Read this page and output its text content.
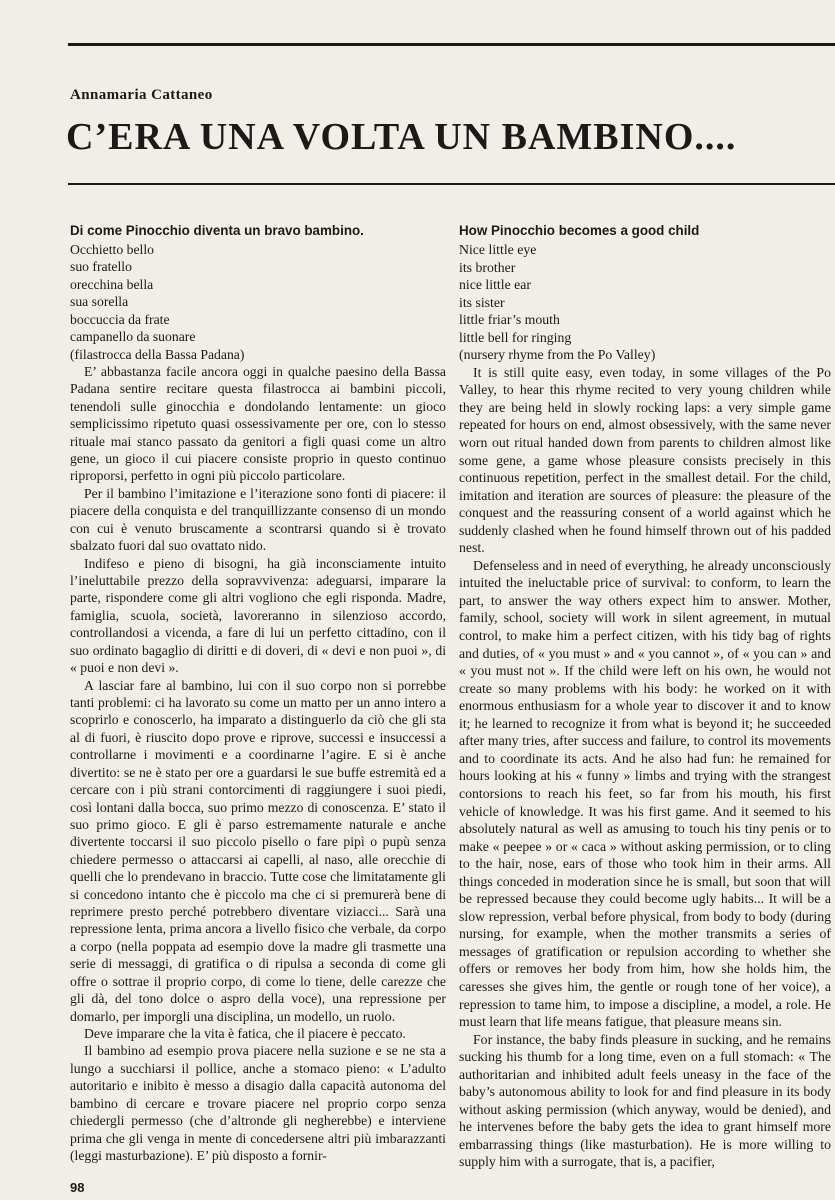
Annamaria Cattaneo
C’ERA UNA VOLTA UN BAMBINO....
Di come Pinocchio diventa un bravo bambino.
Occhietto bello
suo fratello
orecchina bella
sua sorella
boccuccia da frate
campanello da suonare
(filastrocca della Bassa Padana)

E’ abbastanza facile ancora oggi in qualche paesino della Bassa Padana sentire recitare questa filastrocca ai bambini piccoli, tenendoli sulle ginocchia e dondolando lentamente: un gioco semplicissimo ripetuto quasi ossessivamente per ore, con lo stesso rituale mai stanco passato da genitori a figli quasi come un altro gene, un gioco il cui piacere consiste proprio in questo continuo riproporsi, perfetto in ogni più piccolo particolare.

Per il bambino l’imitazione e l’iterazione sono fonti di piacere: il piacere della conquista e del tranquillizzante consenso di un mondo con cui è venuto bruscamente a scontrarsi quando si è trovato sbalzato fuori dal suo ovattato nido.

Indifeso e pieno di bisogni, ha già inconsciamente intuito l’ineluttabile prezzo della sopravvivenza: adeguarsi, imparare la parte, rispondere come gli altri vogliono che egli risponda. Madre, famiglia, scuola, società, lavoreranno in silenzioso accordo, controllandosi a vicenda, a fare di lui un perfetto cittadino, con il suo ordinato bagaglio di diritti e di doveri, di « devi e non puoi », di « puoi e non devi ».

A lasciar fare al bambino, lui con il suo corpo non si porrebbe tanti problemi: ci ha lavorato su come un matto per un anno intero a scoprirlo e conoscerlo, ha imparato a distinguerlo da ciò che gli sta al di fuori, è riuscito dopo prove e riprove, successi e insuccessi a controllarne i movimenti e a coordinarne l’agire. E si è anche divertito: se ne è stato per ore a guardarsi le sue buffe estremità ed a cercare con i più strani contorcimenti di raggiungere i suoi piedi, così lontani dalla bocca, suo primo mezzo di conoscenza. E’ stato il suo primo gioco. E gli è parso estremamente naturale e anche divertente toccarsi il suo piccolo pisello o fare pipì o pupù senza chiedere permesso o attaccarsi ai capelli, al naso, alle orecchie di quelli che lo prendevano in braccio. Tutte cose che limitatamente gli si concedono intanto che è piccolo ma che ci si premurerà bene di reprimere presto perché potrebbero diventare viziacci... Sarà una repressione lenta, prima ancora a livello fisico che verbale, da corpo a corpo (nella poppata ad esempio dove la madre gli trasmette una serie di messaggi, di gratifica o di ripulsa a seconda di come gli offre o sottrae il proprio corpo, di come lo tiene, delle carezze che gli dà, del tono dolce o aspro della voce), una repressione per domarlo, per imporgli una disciplina, un modello, un ruolo.

Deve imparare che la vita è fatica, che il piacere è peccato.

Il bambino ad esempio prova piacere nella suzione e se ne sta a lungo a succhiarsi il pollice, anche a stomaco pieno: « L’adulto autoritario e inibito è messo a disagio dalla capacità autonoma del bambino di cercare e trovare piacere nel proprio corpo senza chiedergli permesso (che d’altronde gli negherebbe) e interviene prima che gli venga in mente di concedersene altri più imbarazzanti (leggi masturbazione). E’ più disposto a fornir-

How Pinocchio becomes a good child
Nice little eye
its brother
nice little ear
its sister
little friar’s mouth
little bell for ringing
(nursery rhyme from the Po Valley)

It is still quite easy, even today, in some villages of the Po Valley, to hear this rhyme recited to very young children while they are being held in slowly rocking laps: a very simple game repeated for hours on end, almost obsessively, with the same never worn out ritual handed down from parents to children almost like some gene, a game whose pleasure consists precisely in this continuous repetition, perfect in the smallest detail. For the child, imitation and iteration are sources of pleasure: the pleasure of the conquest and the reassuring consent of a world against which he suddenly clashed when he found himself thrown out of his padded nest.

Defenseless and in need of everything, he already unconsciously intuited the ineluctable price of survival: to conform, to learn the part, to answer the way others expect him to answer. Mother, family, school, society will work in silent agreement, in mutual control, to make him a perfect citizen, with his tidy bag of rights and duties, of « you must » and « you cannot », of « you can » and « you must not ». If the child were left on his own, he would not create so many problems with his body: he worked on it with enormous enthusiasm for a whole year to discover it and to know it; he learned to recognize it from what is beyond it; he succeeded after many tries, after success and failure, to control its movements and to coordinate its acts. And he also had fun: he remained for hours looking at his « funny » limbs and trying with the strangest contorsions to reach his feet, so far from his mouth, his first vehicle of knowledge. It was his first game. And it seemed to his absolutely natural as well as amusing to touch his tiny penis or to make « peepee » or « caca » without asking permission, or to cling to the hair, nose, ears of those who took him in their arms. All things conceded in moderation since he is small, but soon that will be repressed because they could become ugly habits... It will be a slow repression, verbal before physical, from body to body (during nursing, for example, when the mother transmits a series of messages of gratification or repulsion according to whether she offers or removes her body from him, how she holds him, the caresses she gives him, the gentle or rough tone of her voice), a repression to tame him, to impose a discipline, a model, a role. He must learn that life means fatigue, that pleasure means sin.

For instance, the baby finds pleasure in sucking, and he remains sucking his thumb for a long time, even on a full stomach: « The authoritarian and inhibited adult feels uneasy in the face of the baby’s autonomous ability to look for and find pleasure in its body without asking permission (which anyway, would be denied), and he intervenes before the baby gets the idea to grant himself more embarrassing things (like masturbation). He is more willing to supply him with a surrogate, that is, a pacifier,

98
